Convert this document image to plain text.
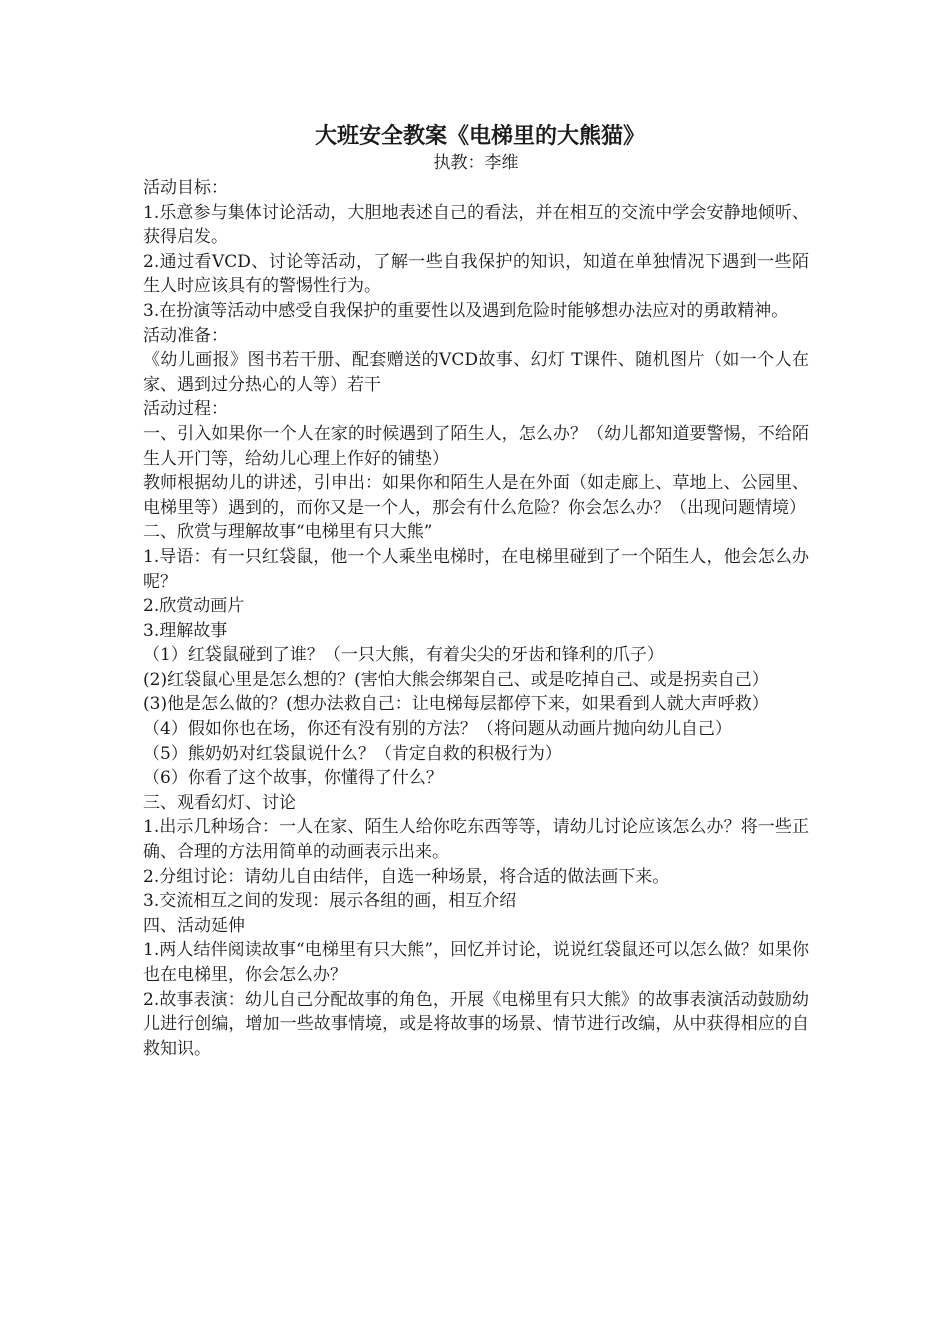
大班安全教案《电梯里的大熊猫》

执教：李维

活动目标：

1.乐意参与集体讨论活动，大胆地表述自己的看法，并在相互的交流中学会安静地倾听、获得启发。

2.通过看VCD、讨论等活动，了解一些自我保护的知识，知道在单独情况下遇到一些陌生人时应该具有的警惕性行为。

3.在扮演等活动中感受自我保护的重要性以及遇到危险时能够想办法应对的勇敢精神。

活动准备：

《幼儿画报》图书若干册、配套赠送的VCD故事、幻灯 T课件、随机图片（如一个人在家、遇到过分热心的人等）若干

活动过程：

一、引入如果你一个人在家的时候遇到了陌生人，怎么办？（幼儿都知道要警惕，不给陌生人开门等，给幼儿心理上作好的铺垫）

教师根据幼儿的讲述，引申出：如果你和陌生人是在外面（如走廊上、草地上、公园里、电梯里等）遇到的，而你又是一个人，那会有什么危险？你会怎么办？（出现问题情境）

二、欣赏与理解故事“电梯里有只大熊”

1.导语：有一只红袋鼠，他一个人乘坐电梯时，在电梯里碰到了一个陌生人，他会怎么办呢？

2.欣赏动画片

3.理解故事

（1）红袋鼠碰到了谁？（一只大熊，有着尖尖的牙齿和锋利的爪子）

(2)红袋鼠心里是怎么想的？(害怕大熊会绑架自己、或是吃掉自己、或是拐卖自己）

(3)他是怎么做的？(想办法救自己：让电梯每层都停下来，如果看到人就大声呼救）

（4）假如你也在场，你还有没有别的方法？（将问题从动画片抛向幼儿自己）

（5）熊奶奶对红袋鼠说什么？（肯定自救的积极行为）

（6）你看了这个故事，你懂得了什么？

三、观看幻灯、讨论

1.出示几种场合：一人在家、陌生人给你吃东西等等，请幼儿讨论应该怎么办？将一些正确、合理的方法用简单的动画表示出来。

2.分组讨论：请幼儿自由结伴，自选一种场景，将合适的做法画下来。

3.交流相互之间的发现：展示各组的画，相互介绍

四、活动延伸

1.两人结伴阅读故事“电梯里有只大熊”，回忆并讨论，说说红袋鼠还可以怎么做？如果你也在电梯里，你会怎么办？

2.故事表演：幼儿自己分配故事的角色，开展《电梯里有只大熊》的故事表演活动鼓励幼儿进行创编，增加一些故事情境，或是将故事的场景、情节进行改编，从中获得相应的自救知识。
